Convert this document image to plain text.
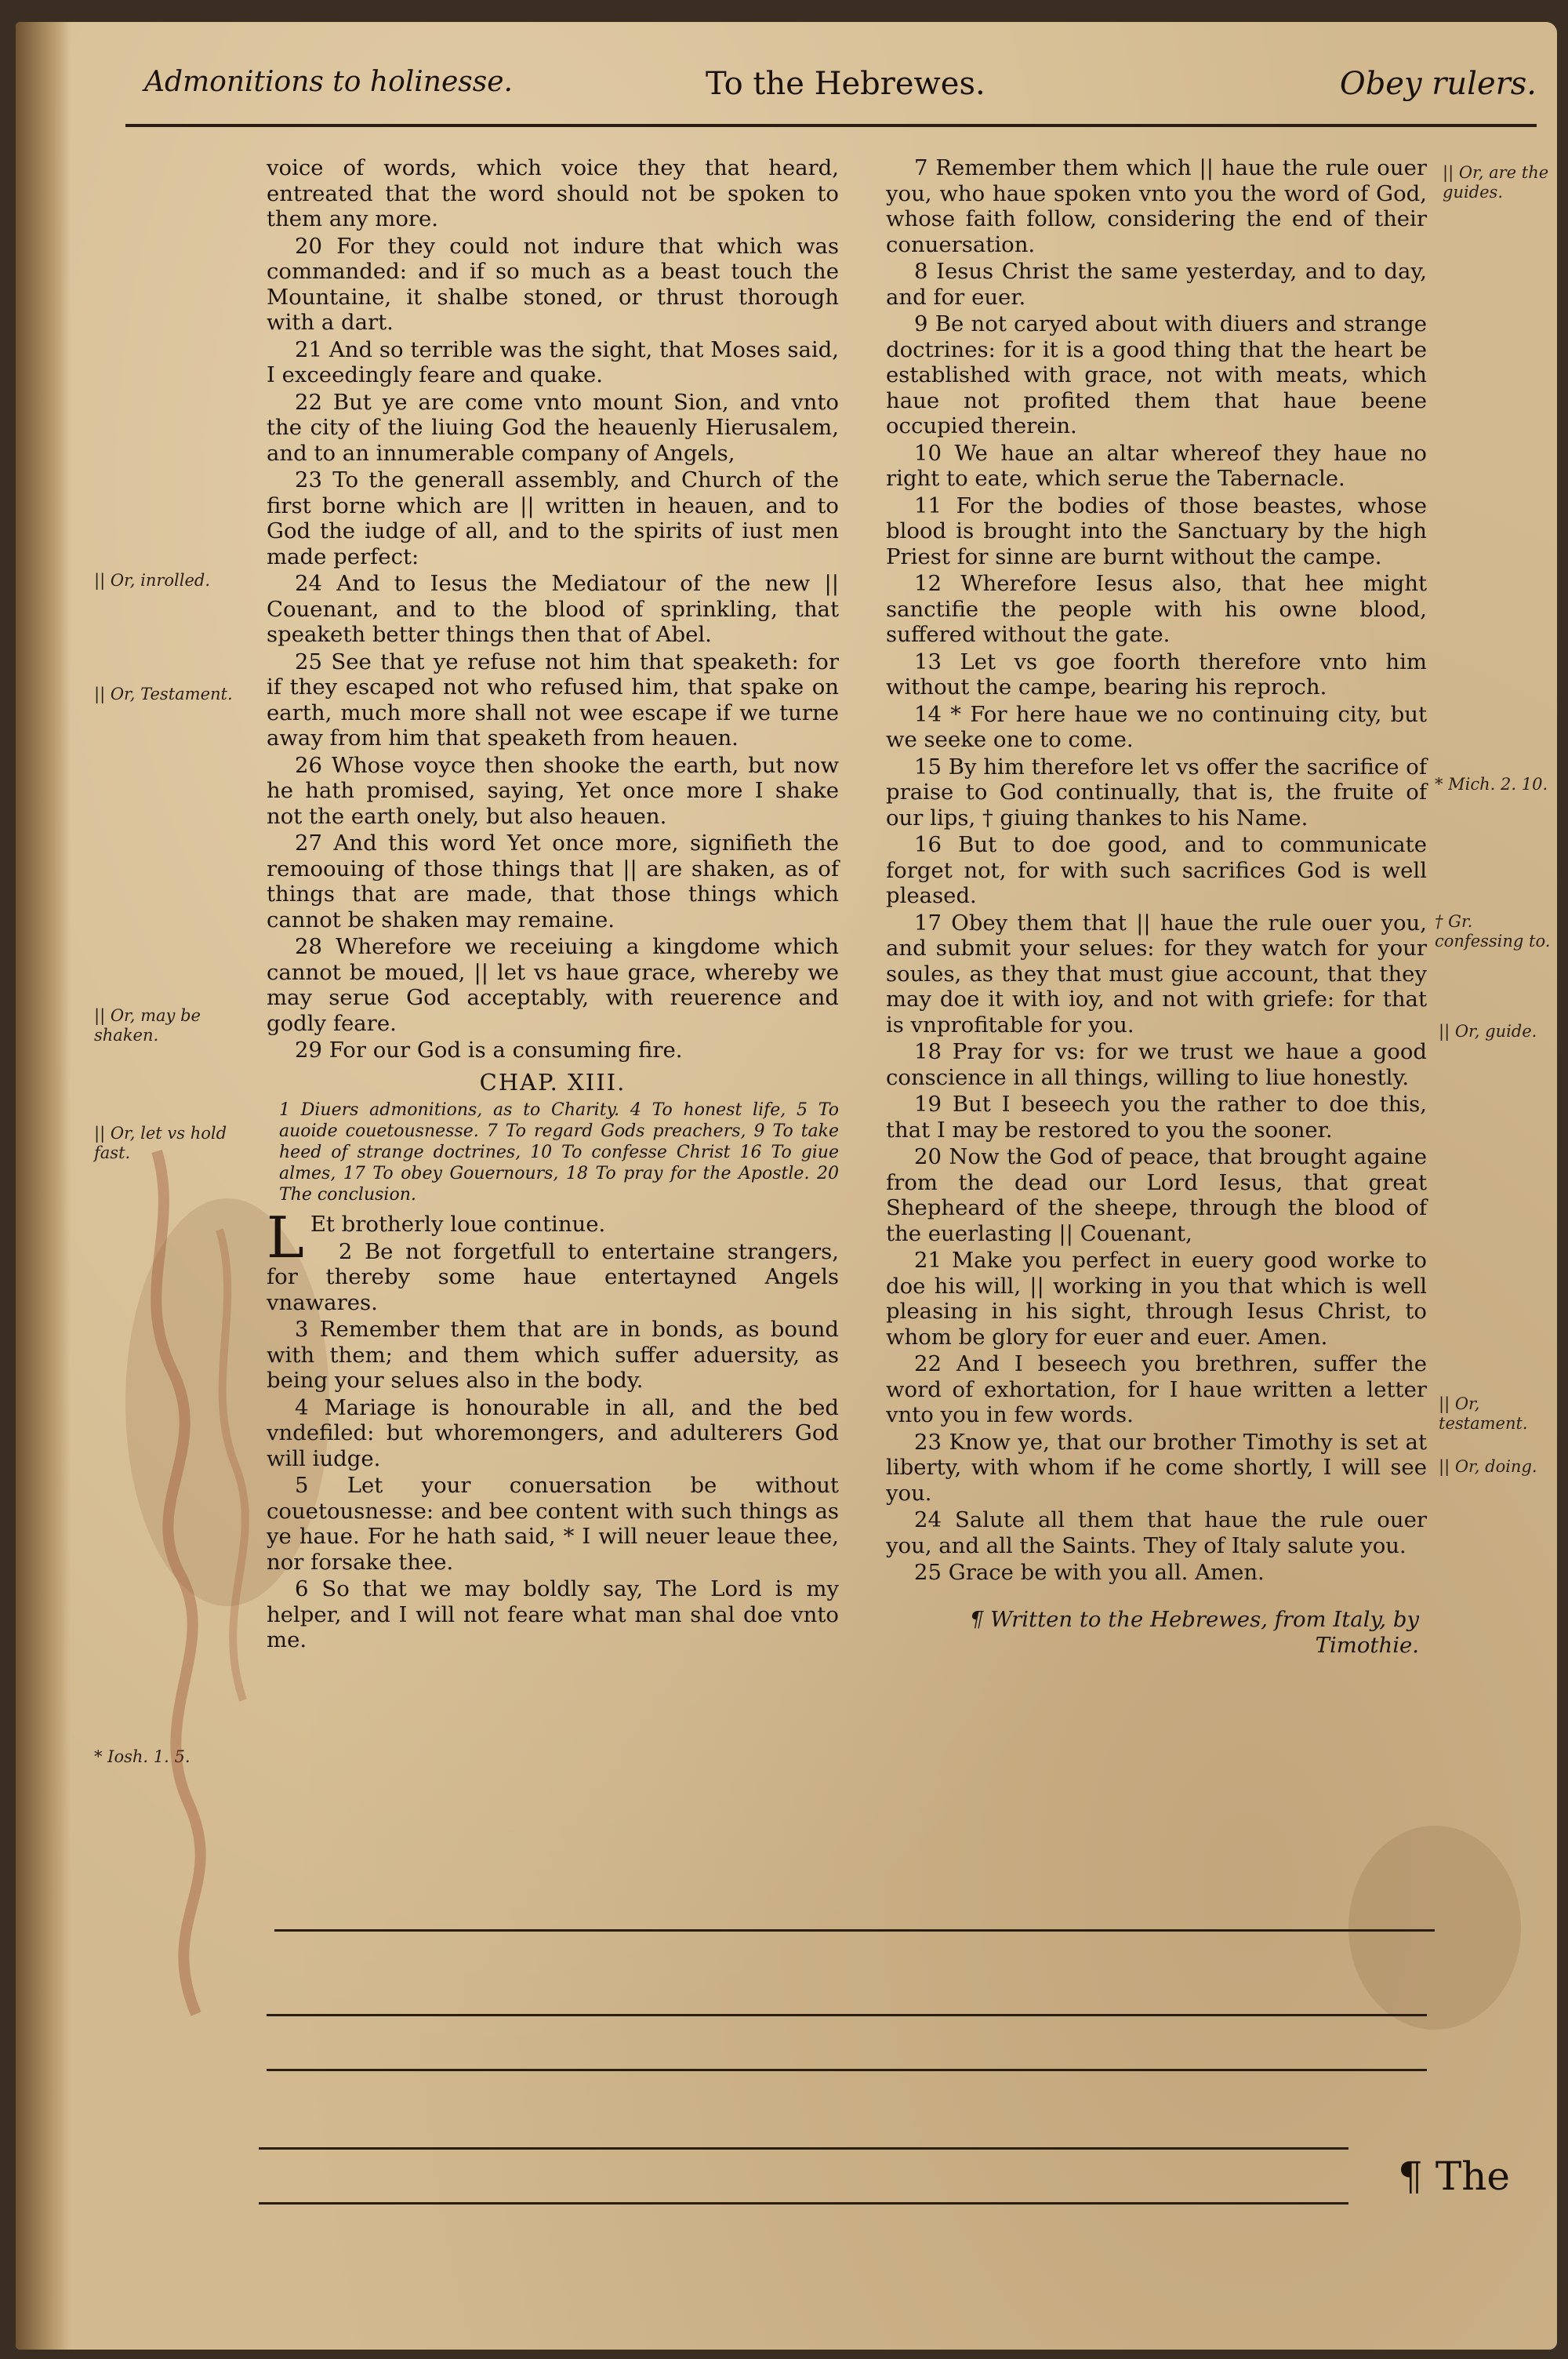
Admonitions to holinesse.	To the Hebrewes.	Obey rulers.

voice of words, which voice they that heard, entreated that the word should not be spoken to them any more.

20 For they could not indure that which was commanded: and if so much as a beast touch the Mountaine, it shalbe stoned, or thrust thorough with a dart.

21 And so terrible was the sight, that Moses said, I exceedingly feare and quake.

22 But ye are come vnto mount Sion, and vnto the city of the liuing God the heauenly Hierusalem, and to an innumerable company of Angels,

23 To the generall assembly, and Church of the first borne which are || written in heauen, and to God the iudge of all, and to the spirits of iust men made perfect:

24 And to Iesus the Mediatour of the new || Couenant, and to the blood of sprinkling, that speaketh better things then that of Abel.

25 See that ye refuse not him that speaketh: for if they escaped not who refused him, that spake on earth, much more shall not wee escape if we turne away from him that speaketh from heauen.

26 Whose voyce then shooke the earth, but now he hath promised, saying, Yet once more I shake not the earth onely, but also heauen.

27 And this word Yet once more, signifieth the remoouing of those things that || are shaken, as of things that are made, that those things which cannot be shaken may remaine.

28 Wherefore we receiuing a kingdome which cannot be moued, || let vs haue grace, whereby we may serue God acceptably, with reuerence and godly feare.

29 For our God is a consuming fire.

CHAP. XIII.

1 Diuers admonitions, as to Charity. 4 To honest life, 5 To auoide couetousnesse. 7 To regard Gods preachers, 9 To take heed of strange doctrines, 10 To confesse Christ 16 To giue almes, 17 To obey Gouernours, 18 To pray for the Apostle. 20 The conclusion.

L Et brotherly loue continue.

2 Be not forgetfull to entertaine strangers, for thereby some haue entertayned Angels vnawares.

3 Remember them that are in bonds, as bound with them; and them which suffer aduersity, as being your selues also in the body.

4 Mariage is honourable in all, and the bed vndefiled: but whoremongers, and adulterers God will iudge.

5 Let your conuersation be without couetousnesse: and bee content with such things as ye haue. For he hath said, * I will neuer leaue thee, nor forsake thee.

6 So that we may boldly say, The Lord is my helper, and I will not feare what man shal doe vnto me.

7 Remember them which || haue the rule ouer you, who haue spoken vnto you the word of God, whose faith follow, considering the end of their conuersation.

8 Iesus Christ the same yesterday, and to day, and for euer.

9 Be not caryed about with diuers and strange doctrines: for it is a good thing that the heart be established with grace, not with meats, which haue not profited them that haue beene occupied therein.

10 We haue an altar whereof they haue no right to eate, which serue the Tabernacle.

11 For the bodies of those beastes, whose blood is brought into the Sanctuary by the high Priest for sinne are burnt without the campe.

12 Wherefore Iesus also, that hee might sanctifie the people with his owne blood, suffered without the gate.

13 Let vs goe foorth therefore vnto him without the campe, bearing his reproch.

14 * For here haue we no continuing city, but we seeke one to come.

15 By him therefore let vs offer the sacrifice of praise to God continually, that is, the fruite of our lips, † giuing thankes to his Name.

16 But to doe good, and to communicate forget not, for with such sacrifices God is well pleased.

17 Obey them that || haue the rule ouer you, and submit your selues: for they watch for your soules, as they that must giue account, that they may doe it with ioy, and not with griefe: for that is vnprofitable for you.

18 Pray for vs: for we trust we haue a good conscience in all things, willing to liue honestly.

19 But I beseech you the rather to doe this, that I may be restored to you the sooner.

20 Now the God of peace, that brought againe from the dead our Lord Iesus, that great Shepheard of the sheepe, through the blood of the euerlasting || Couenant,

21 Make you perfect in euery good worke to doe his will, || working in you that which is well pleasing in his sight, through Iesus Christ, to whom be glory for euer and euer. Amen.

22 And I beseech you brethren, suffer the word of exhortation, for I haue written a letter vnto you in few words.

23 Know ye, that our brother Timothy is set at liberty, with whom if he come shortly, I will see you.

24 Salute all them that haue the rule ouer you, and all the Saints. They of Italy salute you.

25 Grace be with you all. Amen.

¶ Written to the Hebrewes, from Italy, by Timothie.

|| Or, inrolled.
|| Or, Testament.
|| Or, may be shaken.
|| Or, let vs hold fast.
* Iosh. 1. 5.
|| Or, are the guides.
* Mich. 2. 10.
† Gr. confessing to.
|| Or, guide.
|| Or, testament.
|| Or, doing.
¶ The
